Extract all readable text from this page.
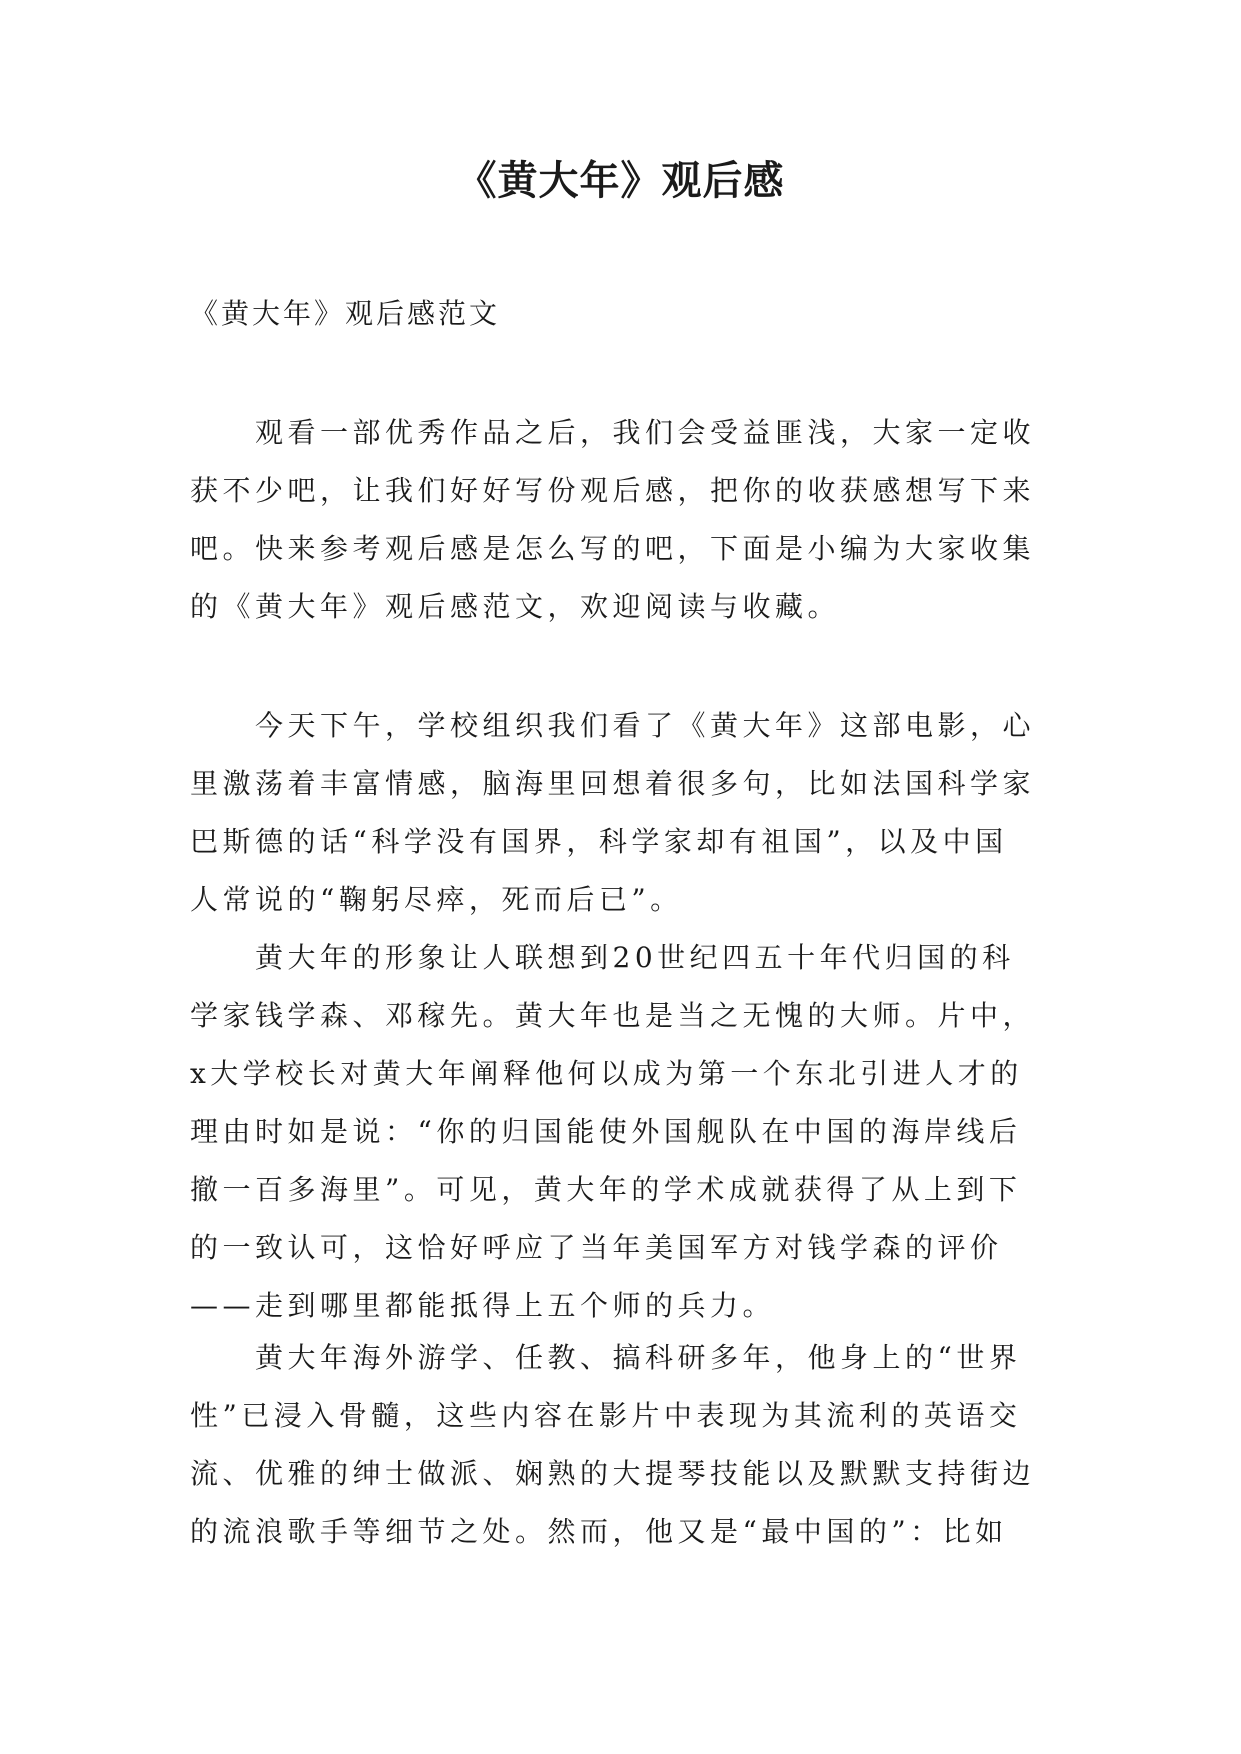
《黄大年》观后感

《黄大年》观后感范文

　　观看一部优秀作品之后，我们会受益匪浅，大家一定收
获不少吧，让我们好好写份观后感，把你的收获感想写下来
吧。快来参考观后感是怎么写的吧，下面是小编为大家收集
的《黄大年》观后感范文，欢迎阅读与收藏。
　　今天下午，学校组织我们看了《黄大年》这部电影，心
里激荡着丰富情感，脑海里回想着很多句，比如法国科学家
巴斯德的话“科学没有国界，科学家却有祖国”，以及中国
人常说的“鞠躬尽瘁，死而后已”。
　　黄大年的形象让人联想到20世纪四五十年代归国的科
学家钱学森、邓稼先。黄大年也是当之无愧的大师。片中，
x大学校长对黄大年阐释他何以成为第一个东北引进人才的
理由时如是说：“你的归国能使外国舰队在中国的海岸线后
撤一百多海里”。可见，黄大年的学术成就获得了从上到下
的一致认可，这恰好呼应了当年美国军方对钱学森的评价
——走到哪里都能抵得上五个师的兵力。
　　黄大年海外游学、任教、搞科研多年，他身上的“世界
性”已浸入骨髓，这些内容在影片中表现为其流利的英语交
流、优雅的绅士做派、娴熟的大提琴技能以及默默支持街边
的流浪歌手等细节之处。然而，他又是“最中国的”：比如
